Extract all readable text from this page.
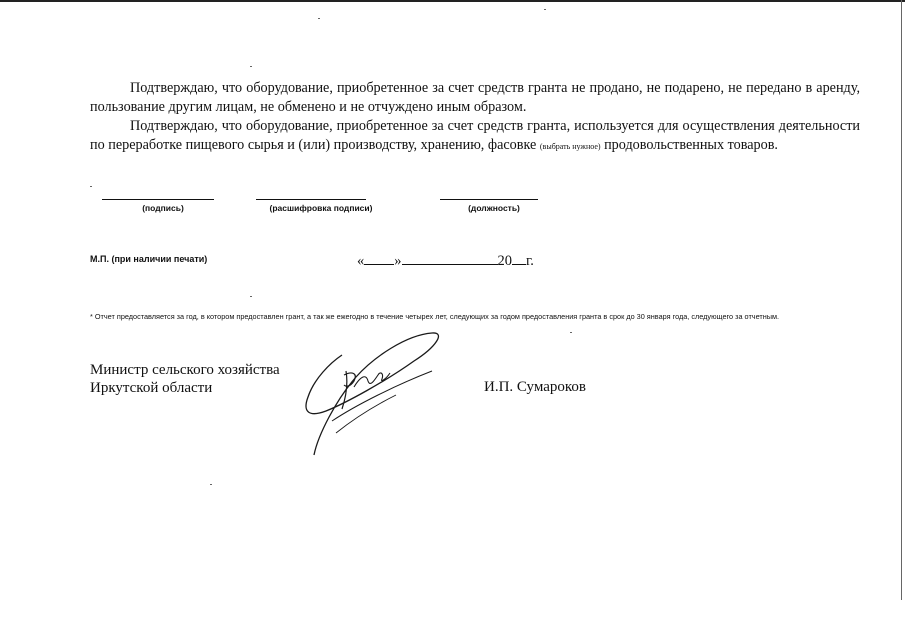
Подтверждаю, что оборудование, приобретенное за счет средств гранта не продано, не подарено, не передано в аренду, пользование другим лицам, не обменено и не отчуждено иным образом.
Подтверждаю, что оборудование, приобретенное за счет средств гранта, используется для осуществления деятельности по переработке пищевого сырья и (или) производству, хранению, фасовке (выбрать нужное) продовольственных товаров.
(подпись)	(расшифровка подписи)	(должность)
М.П. (при наличии печати)	« »	20 г.
* Отчет предоставляется за год, в котором предоставлен грант, а так же ежегодно в течение четырех лет, следующих за годом предоставления гранта в срок до 30 января года, следующего за отчетным.
Министр сельского хозяйства
Иркутской области	И.П. Сумароков
